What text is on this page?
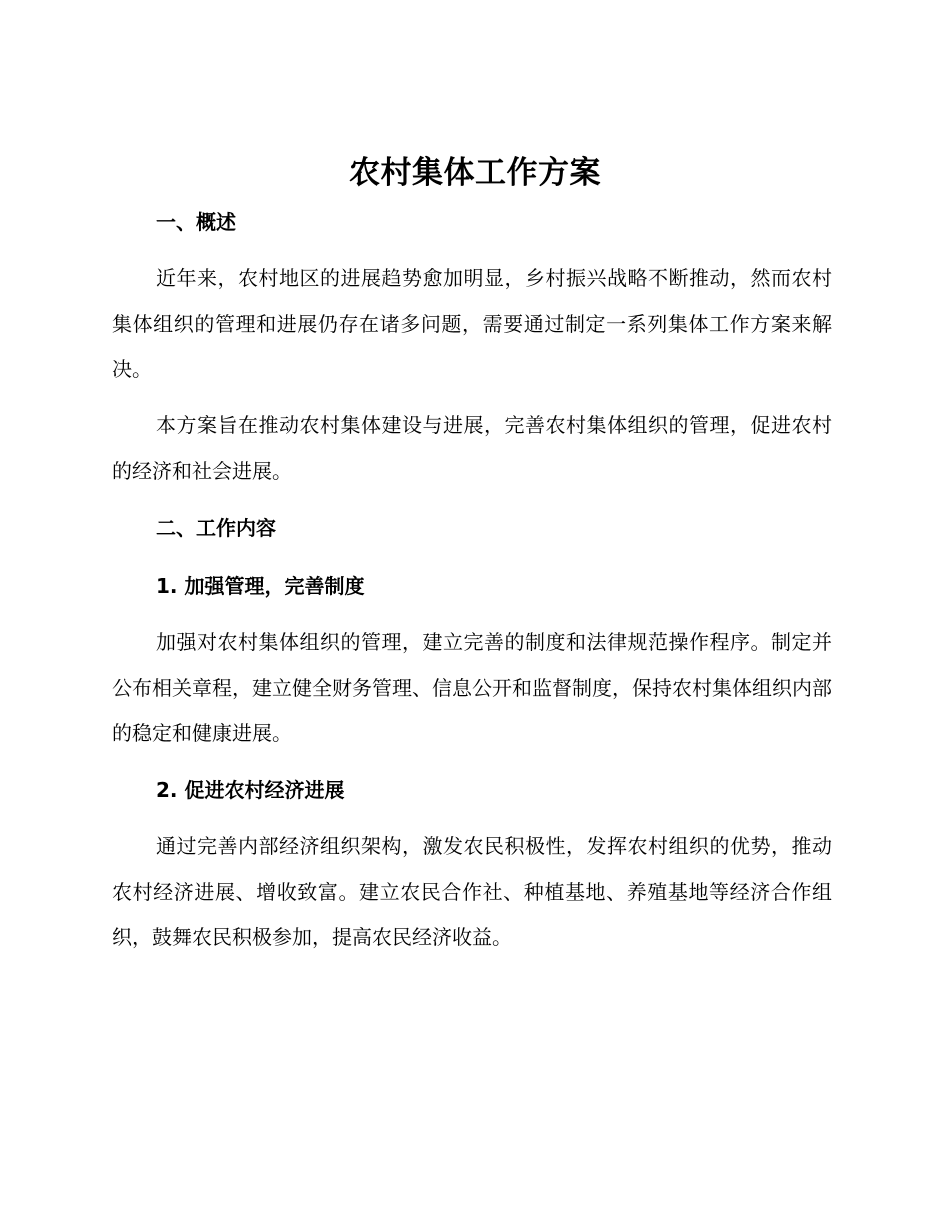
农村集体工作方案
一、概述

近年来，农村地区的进展趋势愈加明显，乡村振兴战略不断推动，然而农村集体组织的管理和进展仍存在诸多问题，需要通过制定一系列集体工作方案来解决。

本方案旨在推动农村集体建设与进展，完善农村集体组织的管理，促进农村的经济和社会进展。

二、工作内容
1. 加强管理，完善制度

加强对农村集体组织的管理，建立完善的制度和法律规范操作程序。制定并公布相关章程，建立健全财务管理、信息公开和监督制度，保持农村集体组织内部的稳定和健康进展。

2. 促进农村经济进展

通过完善内部经济组织架构，激发农民积极性，发挥农村组织的优势，推动农村经济进展、增收致富。建立农民合作社、种植基地、养殖基地等经济合作组织，鼓舞农民积极参加，提高农民经济收益。
